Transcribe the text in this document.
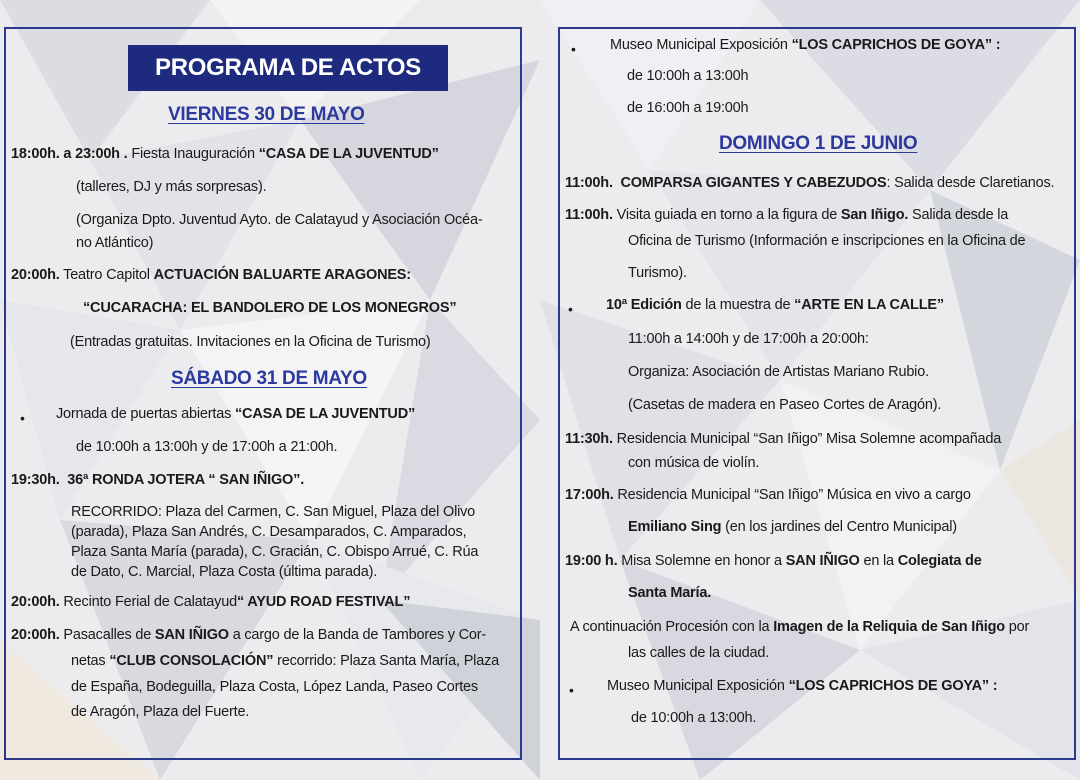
PROGRAMA DE ACTOS
VIERNES 30 DE MAYO
18:00h. a 23:00h . Fiesta Inauguración “CASA DE LA JUVENTUD”
(talleres, DJ y más sorpresas).
(Organiza Dpto. Juventud Ayto. de Calatayud y Asociación Océa-
no Atlántico)
20:00h. Teatro Capitol ACTUACIÓN BALUARTE ARAGONES:
“CUCARACHA: EL BANDOLERO DE LOS MONEGROS”
(Entradas gratuitas. Invitaciones en la Oficina de Turismo)
SÁBADO 31 DE MAYO
• Jornada de puertas abiertas “CASA DE LA JUVENTUD”
de 10:00h a 13:00h y de 17:00h a 21:00h.
19:30h. 36ª RONDA JOTERA “ SAN IÑIGO”.
RECORRIDO: Plaza del Carmen, C. San Miguel, Plaza del Olivo
(parada), Plaza San Andrés, C. Desamparados, C. Amparados,
Plaza Santa María (parada), C. Gracián, C. Obispo Arrué, C. Rúa
de Dato, C. Marcial, Plaza Costa (última parada).
20:00h. Recinto Ferial de Calatayud“ AYUD ROAD FESTIVAL”
20:00h. Pasacalles de SAN IÑIGO a cargo de la Banda de Tambores y Cor-
netas “CLUB CONSOLACIÓN” recorrido: Plaza Santa María, Plaza
de España, Bodeguilla, Plaza Costa, López Landa, Paseo Cortes
de Aragón, Plaza del Fuerte.
• Museo Municipal Exposición “LOS CAPRICHOS DE GOYA” :
de 10:00h a 13:00h
de 16:00h a 19:00h
DOMINGO 1 DE JUNIO
11:00h. COMPARSA GIGANTES Y CABEZUDOS: Salida desde Claretianos.
11:00h. Visita guiada en torno a la figura de San Iñigo. Salida desde la
Oficina de Turismo (Información e inscripciones en la Oficina de
Turismo).
• 10ª Edición de la muestra de “ARTE EN LA CALLE”
11:00h a 14:00h y de 17:00h a 20:00h:
Organiza: Asociación de Artistas Mariano Rubio.
(Casetas de madera en Paseo Cortes de Aragón).
11:30h. Residencia Municipal “San Iñigo” Misa Solemne acompañada
con música de violín.
17:00h. Residencia Municipal “San Iñigo” Música en vivo a cargo
Emiliano Sing (en los jardines del Centro Municipal)
19:00 h. Misa Solemne en honor a SAN IÑIGO en la Colegiata de
Santa María.
A continuación Procesión con la Imagen de la Reliquia de San Iñigo por
las calles de la ciudad.
• Museo Municipal Exposición “LOS CAPRICHOS DE GOYA” :
de 10:00h a 13:00h.
